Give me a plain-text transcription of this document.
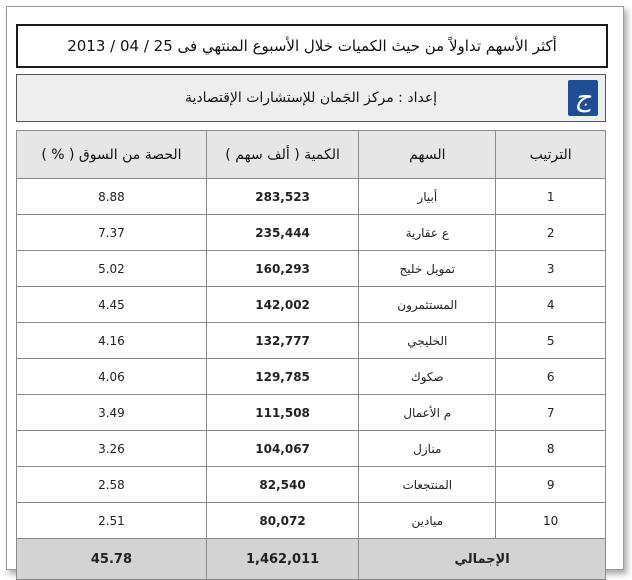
أكثر الأسهم تداولاً من حيث الكميات خلال الأسبوع المنتهي فى 25 / 04 / 2013
إعداد : مركز الجَمان للإستشارات الإقتصادية	ج
الترتيب	السهم	الكمية ( ألف سهم )	الحصة من السوق ( % )
1	أبيار	283,523	8.88
2	ع عقارية	235,444	7.37
3	تمويل خليج	160,293	5.02
4	المستثمرون	142,002	4.45
5	الخليجي	132,777	4.16
6	صكوك	129,785	4.06
7	م الأعمال	111,508	3.49
8	منازل	104,067	3.26
9	المنتجعات	82,540	2.58
10	ميادين	80,072	2.51
الإجمالي		1,462,011	45.78
